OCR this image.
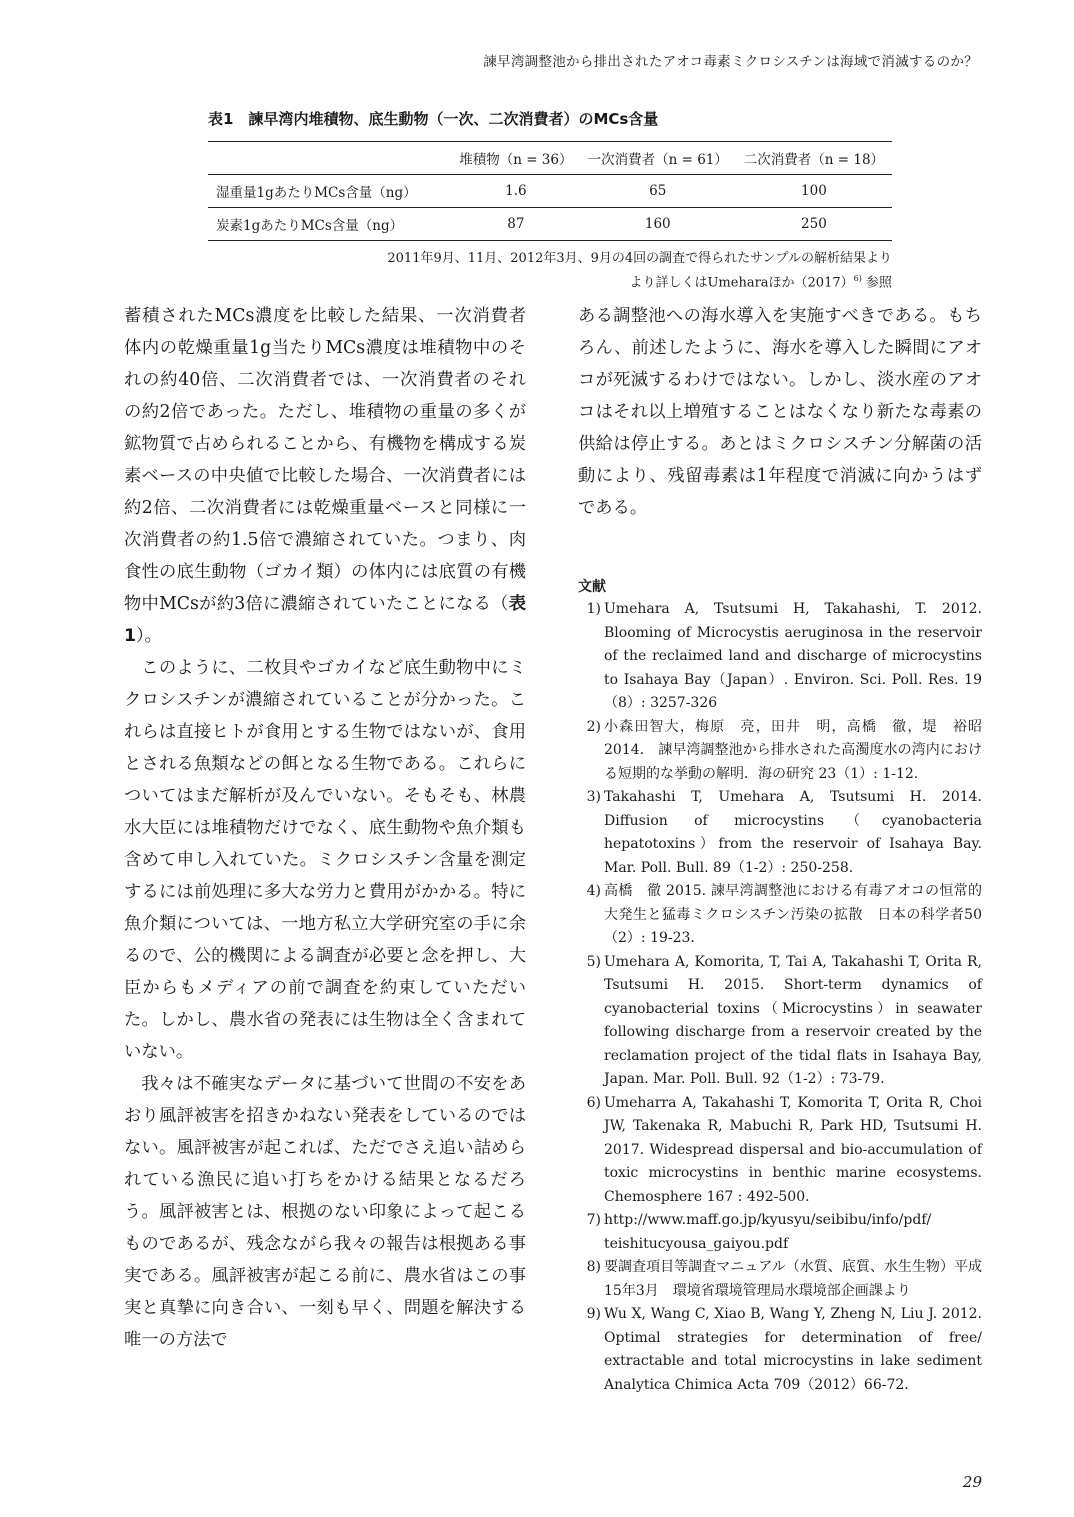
諫早湾調整池から排出されたアオコ毒素ミクロシスチンは海域で消滅するのか？
表1　諫早湾内堆積物、底生動物（一次、二次消費者）のMCs含量
	堆積物（n = 36）	一次消費者（n = 61）	二次消費者（n = 18）
湿重量1gあたりMCs含量（ng）	1.6	65	100
炭素1gあたりMCs含量（ng）	87	160	250
2011年9月、11月、2012年3月、9月の4回の調査で得られたサンプルの解析結果より
より詳しくはUmeharaほか$(2017)^{6)}$ 参照

蓄積されたMCs濃度を比較した結果、一次消費者体内の乾燥重量1g当たりMCs濃度は堆積物中のそれの約40倍、二次消費者では、一次消費者のそれの約2倍であった。ただし、堆積物の重量の多くが鉱物質で占められることから、有機物を構成する炭素ベースの中央値で比較した場合、一次消費者には約2倍、二次消費者には乾燥重量ベースと同様に一次消費者の約1.5倍で濃縮されていた。つまり、肉食性の底生動物（ゴカイ類）の体内には底質の有機物中MCsが約3倍に濃縮されていたことになる（表1）。

このように、二枚貝やゴカイなど底生動物中にミクロシスチンが濃縮されていることが分かった。これらは直接ヒトが食用とする生物ではないが、食用とされる魚類などの餌となる生物である。これらについてはまだ解析が及んでいない。そもそも、林農水大臣には堆積物だけでなく、底生動物や魚介類も含めて申し入れていた。ミクロシスチン含量を測定するには前処理に多大な労力と費用がかかる。特に魚介類については、一地方私立大学研究室の手に余るので、公的機関による調査が必要と念を押し、大臣からもメディアの前で調査を約束していただいた。しかし、農水省の発表には生物は全く含まれていない。

我々は不確実なデータに基づいて世間の不安をあおり風評被害を招きかねない発表をしているのではない。風評被害が起これば、ただでさえ追い詰められている漁民に追い打ちをかける結果となるだろう。風評被害とは、根拠のない印象によって起こるものであるが、残念ながら我々の報告は根拠ある事実である。風評被害が起こる前に、農水省はこの事実と真摯に向き合い、一刻も早く、問題を解決する唯一の方法で

ある調整池への海水導入を実施すべきである。もちろん、前述したように、海水を導入した瞬間にアオコが死滅するわけではない。しかし、淡水産のアオコはそれ以上増殖することはなくなり新たな毒素の供給は停止する。あとはミクロシスチン分解菌の活動により、残留毒素は1年程度で消滅に向かうはずである。

文献
1) Umehara A, Tsutsumi H, Takahashi, T. 2012. Blooming of Microcystis aeruginosa in the reservoir of the reclaimed land and discharge of microcystins to Isahaya Bay（Japan）. Environ. Sci. Poll. Res. 19（8）: 3257-326
2) 小森田智大，梅原　亮，田井　明，高橋　徹，堤　裕昭 2014.　諫早湾調整池から排水された高濁度水の湾内における短期的な挙動の解明．海の研究 23（1）: 1-12.
3) Takahashi T, Umehara A, Tsutsumi H. 2014. Diffusion of microcystins（cyanobacteria hepatotoxins）from the reservoir of Isahaya Bay. Mar. Poll. Bull. 89（1-2）: 250-258.
4) 高橋　徹 2015. 諫早湾調整池における有毒アオコの恒常的大発生と猛毒ミクロシスチン汚染の拡散　日本の科学者50（2）: 19-23.
5) Umehara A, Komorita, T, Tai A, Takahashi T, Orita R, Tsutsumi H. 2015. Short-term dynamics of cyanobacterial toxins（Microcystins）in seawater following discharge from a reservoir created by the reclamation project of the tidal flats in Isahaya Bay, Japan. Mar. Poll. Bull. 92（1-2）: 73-79.
6) Umeharra A, Takahashi T, Komorita T, Orita R, Choi JW, Takenaka R, Mabuchi R, Park HD, Tsutsumi H. 2017. Widespread dispersal and bio-accumulation of toxic microcystins in benthic marine ecosystems. Chemosphere 167 : 492-500.
7) http://www.maff.go.jp/kyusyu/seibibu/info/pdf/ teishitucyousa_gaiyou.pdf
8) 要調査項目等調査マニュアル（水質、底質、水生生物）平成15年3月　環境省環境管理局水環境部企画課より
9) Wu X, Wang C, Xiao B, Wang Y, Zheng N, Liu J. 2012. Optimal strategies for determination of free/ extractable and total microcystins in lake sediment Analytica Chimica Acta 709（2012）66-72.
29
